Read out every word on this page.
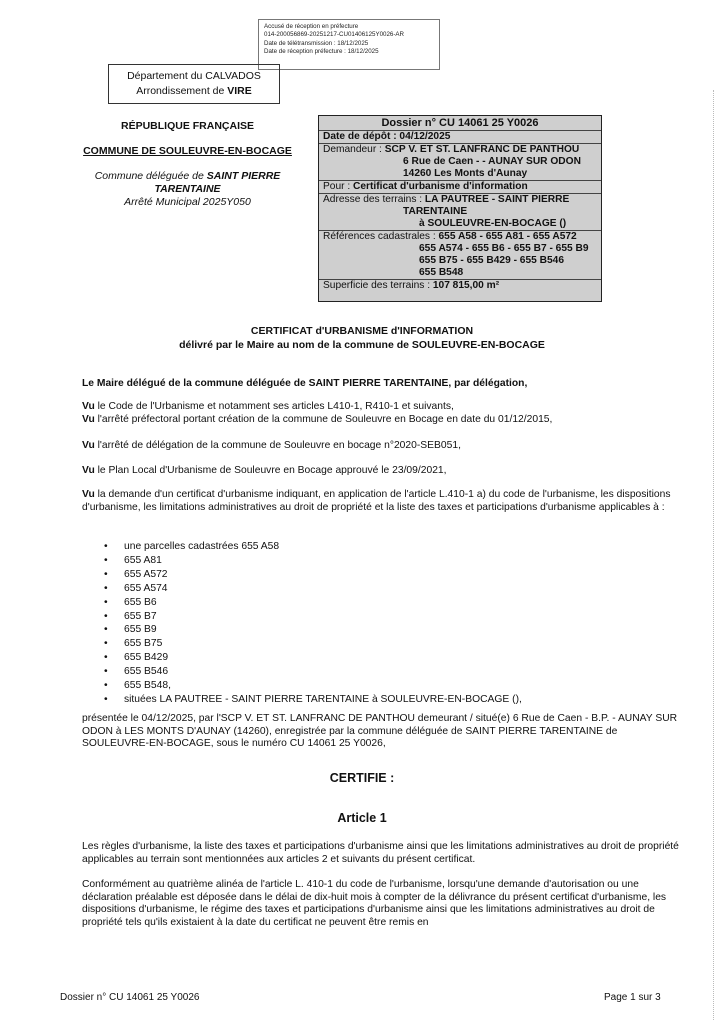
Accusé de réception en préfecture
014-200056869-20251217-CU01406125Y0026-AR
Date de télétransmission : 18/12/2025
Date de réception préfecture : 18/12/2025
Département du CALVADOS
Arrondissement de VIRE
RÉPUBLIQUE FRANÇAISE
COMMUNE DE SOULEUVRE-EN-BOCAGE
Commune déléguée de SAINT PIERRE
TARENTAINE
Arrêté Municipal 2025Y050
Dossier n° CU 14061 25 Y0026
Date de dépôt : 04/12/2025
Demandeur : SCP V. ET ST. LANFRANC DE PANTHOU
6 Rue de Caen - - AUNAY SUR ODON
14260 Les Monts d'Aunay
Pour : Certificat d'urbanisme d'information
Adresse des terrains : LA PAUTREE - SAINT PIERRE
TARENTAINE
à SOULEUVRE-EN-BOCAGE ()
Références cadastrales : 655 A58 - 655 A81 - 655 A572
655 A574 - 655 B6 - 655 B7 - 655 B9
655 B75 - 655 B429 - 655 B546
655 B548
Superficie des terrains : 107 815,00 m²
CERTIFICAT d'URBANISME d'INFORMATION
délivré par le Maire au nom de la commune de SOULEUVRE-EN-BOCAGE
Le Maire délégué de la commune déléguée de SAINT PIERRE TARENTAINE, par délégation,
Vu le Code de l'Urbanisme et notamment ses articles L410-1, R410-1 et suivants,
Vu l'arrêté préfectoral portant création de la commune de Souleuvre en Bocage en date du 01/12/2015,
Vu l'arrêté de délégation de la commune de Souleuvre en bocage n°2020-SEB051,
Vu le Plan Local d'Urbanisme de Souleuvre en Bocage approuvé le 23/09/2021,
Vu la demande d'un certificat d'urbanisme indiquant, en application de l'article L.410-1 a) du code de l'urbanisme, les dispositions d'urbanisme, les limitations administratives au droit de propriété et la liste des taxes et participations d'urbanisme applicables à :
• une parcelles cadastrées 655 A58
• 655 A81
• 655 A572
• 655 A574
• 655 B6
• 655 B7
• 655 B9
• 655 B75
• 655 B429
• 655 B546
• 655 B548,
• situées LA PAUTREE - SAINT PIERRE TARENTAINE à SOULEUVRE-EN-BOCAGE (),
présentée le 04/12/2025, par l'SCP V. ET ST. LANFRANC DE PANTHOU demeurant / situé(e) 6 Rue de Caen - B.P. - AUNAY SUR ODON à LES MONTS D'AUNAY (14260), enregistrée par la commune déléguée de SAINT PIERRE TARENTAINE de SOULEUVRE-EN-BOCAGE, sous le numéro CU 14061 25 Y0026,
CERTIFIE :
Article 1
Les règles d'urbanisme, la liste des taxes et participations d'urbanisme ainsi que les limitations administratives au droit de propriété applicables au terrain sont mentionnées aux articles 2 et suivants du présent certificat.
Conformément au quatrième alinéa de l'article L. 410-1 du code de l'urbanisme, lorsqu'une demande d'autorisation ou une déclaration préalable est déposée dans le délai de dix-huit mois à compter de la délivrance du présent certificat d'urbanisme, les dispositions d'urbanisme, le régime des taxes et participations d'urbanisme ainsi que les limitations administratives au droit de propriété tels qu'ils existaient à la date du certificat ne peuvent être remis en
Dossier n° CU 14061 25 Y0026	Page 1 sur 3
